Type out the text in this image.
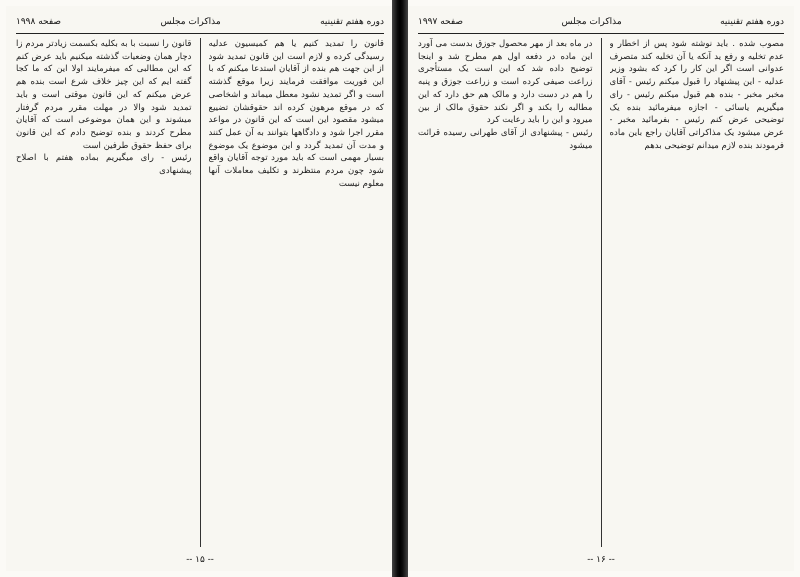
دوره هفتم تقنینیه
مذاکرات مجلس
صفحه ۱۹۹۸

قانون را تمدید کنیم یا هم کمیسیون عدلیه رسیدگی کرده و لازم است این قانون تمدید شود از این جهت هم بنده از آقایان استدعا میکنم که با این فوریت موافقت فرمایند زیرا موقع گذشته است و اگر تمدید نشود معطل میماند و اشخاصی که در موقع مرهون کرده اند حقوقشان تضییع میشود مقصود این است که این قانون در مواعد مقرر اجرا شود و دادگاهها بتوانند به آن عمل کنند و مدت آن تمدید گردد و این موضوع یک موضوع بسیار مهمی است که باید مورد توجه آقایان واقع شود چون مردم منتظرند و تکلیف معاملات آنها معلوم نیست

قانون را نسبت با به بکلیه بکسمت زیادتر مردم زا دچار همان وضعیات گذشته میکنیم باید عرض کنم که این مطالبی که میفرمایند اولا این که ما کجا گفته ایم که این چیز خلاف شرع است بنده هم عرض میکنم که این قانون موقتی است و باید تمدید شود والا در مهلت مقرر مردم گرفتار میشوند و این همان موضوعی است که آقایان مطرح کردند و بنده توضیح دادم که این قانون برای حفظ حقوق طرفین است

رئیس - رای میگیریم بماده هفتم با اصلاح پیشنهادی

-- ۱۵ --
دوره هفتم تقنینیه
مذاکرات مجلس
صفحه ۱۹۹۷

مصوب شده . باید نوشته شود پس از اخطار و عدم تخلیه و رفع ید آنکه یا آن تخلیه کند متصرف عدوانی است اگر این کار را کرد که بشود وزیر عدلیه - این پیشنهاد را قبول میکنم رئیس - آقای مخبر مخبر - بنده هم قبول میکنم رئیس - رای میگیریم یاسائی - اجازه میفرمائید بنده یک توضیحی عرض کنم رئیس - بفرمائید مخبر - عرض میشود یک مذاکراتی آقایان راجع باین ماده فرمودند بنده لازم میدانم توضیحی بدهم

در ماه بعد از مهر محصول جوزق بدست می آورد این ماده در دفعه اول هم مطرح شد و اینجا توضیح داده شد که این است یک مستأجری زراعت صیفی کرده است و زراعت جوزق و پنبه را هم در دست دارد و مالک هم حق دارد که این مطالبه را بکند و اگر نکند حقوق مالک از بین میرود و این را باید رعایت کرد

رئیس - پیشنهادی از آقای طهرانی رسیده قرائت میشود

-- ۱۶ --
